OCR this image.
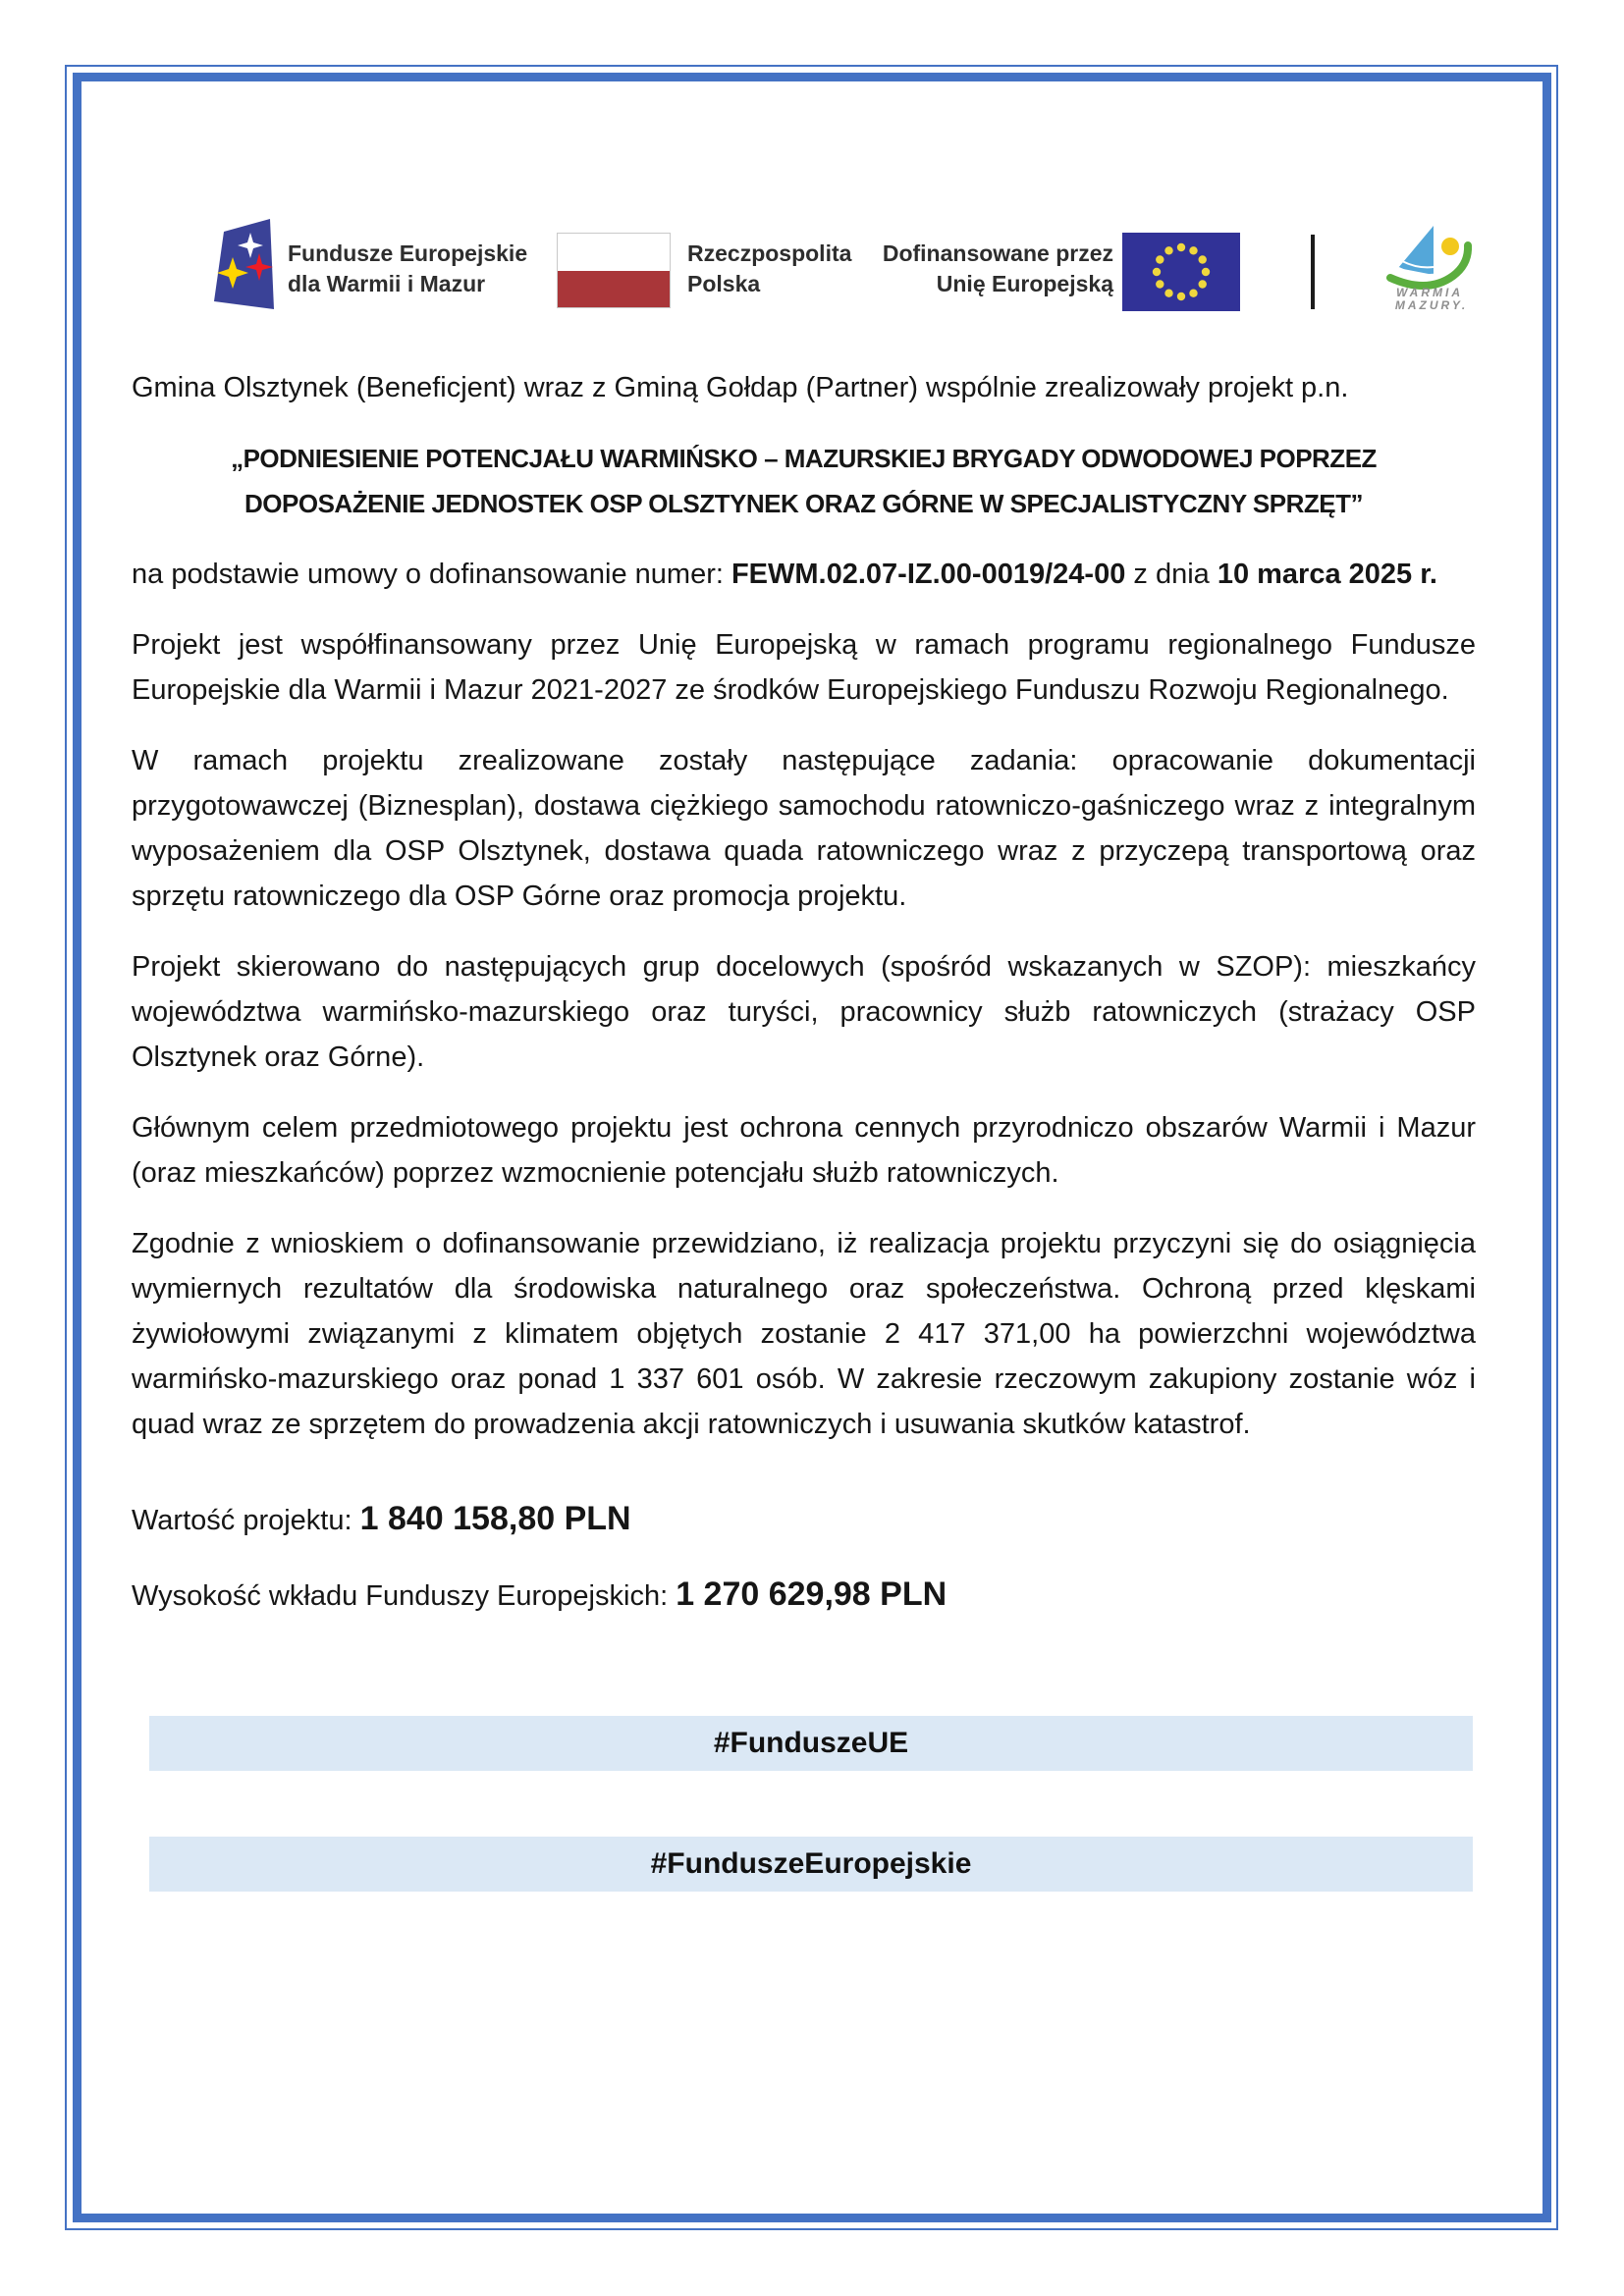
Fundusze Europejskie
dla Warmii i Mazur
Rzeczpospolita
Polska
Dofinansowane przez
Unię Europejską	WARMIA
MAZURY.

Gmina Olsztynek (Beneficjent) wraz z Gminą Gołdap (Partner) wspólnie zrealizowały projekt p.n.

„PODNIESIENIE POTENCJAŁU WARMIŃSKO – MAZURSKIEJ BRYGADY ODWODOWEJ POPRZEZ
DOPOSAŻENIE JEDNOSTEK OSP OLSZTYNEK ORAZ GÓRNE W SPECJALISTYCZNY SPRZĘT”

na podstawie umowy o dofinansowanie numer: FEWM.02.07-IZ.00-0019/24-00 z dnia 10 marca 2025 r.

Projekt jest współfinansowany przez Unię Europejską w ramach programu regionalnego Fundusze Europejskie dla Warmii i Mazur 2021-2027 ze środków Europejskiego Funduszu Rozwoju Regionalnego.

W ramach projektu zrealizowane zostały następujące zadania: opracowanie dokumentacji przygotowawczej (Biznesplan), dostawa ciężkiego samochodu ratowniczo-gaśniczego wraz z integralnym wyposażeniem dla OSP Olsztynek, dostawa quada ratowniczego wraz z przyczepą transportową oraz sprzętu ratowniczego dla OSP Górne oraz promocja projektu.

Projekt skierowano do następujących grup docelowych (spośród wskazanych w SZOP): mieszkańcy województwa warmińsko-mazurskiego oraz turyści, pracownicy służb ratowniczych (strażacy OSP Olsztynek oraz Górne).

Głównym celem przedmiotowego projektu jest ochrona cennych przyrodniczo obszarów Warmii i Mazur (oraz mieszkańców) poprzez wzmocnienie potencjału służb ratowniczych.

Zgodnie z wnioskiem o dofinansowanie przewidziano, iż realizacja projektu przyczyni się do osiągnięcia wymiernych rezultatów dla środowiska naturalnego oraz społeczeństwa. Ochroną przed klęskami żywiołowymi związanymi z klimatem objętych zostanie 2 417 371,00 ha powierzchni województwa warmińsko-mazurskiego oraz ponad 1 337 601 osób. W zakresie rzeczowym zakupiony zostanie wóz i quad wraz ze sprzętem do prowadzenia akcji ratowniczych i usuwania skutków katastrof.

Wartość projektu: 1 840 158,80 PLN

Wysokość wkładu Funduszy Europejskich: 1 270 629,98 PLN

#FunduszeUE
#FunduszeEuropejskie
